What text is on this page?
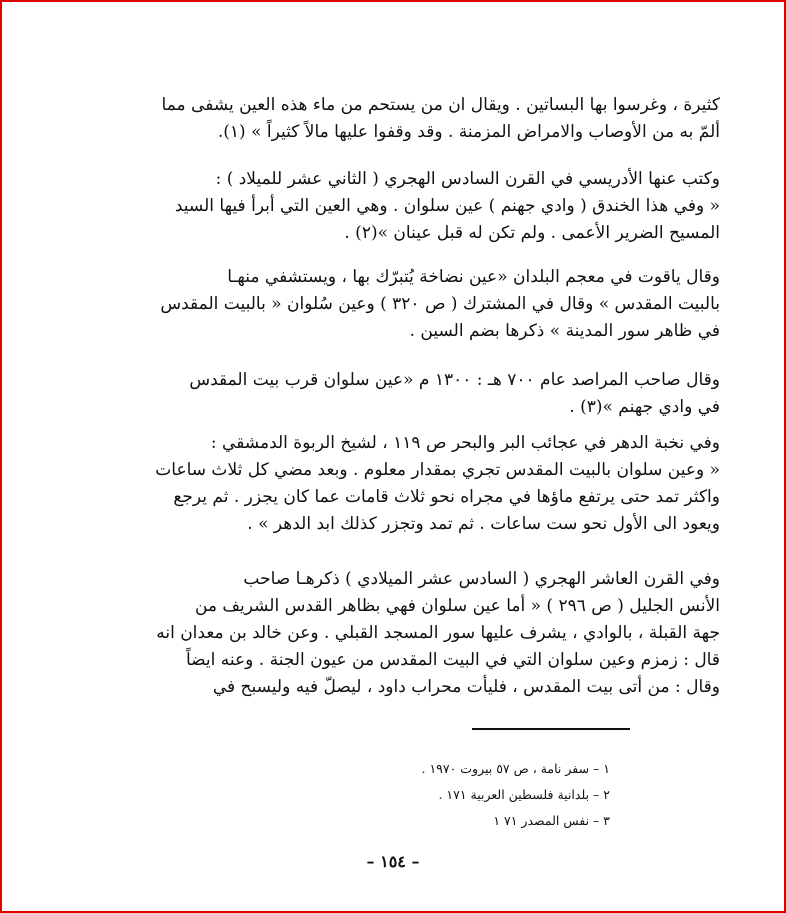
كثيرة ، وغرسوا بها البساتين . ويقال ان من يستحم من ماء هذه العين يشفى مما
ألمّ به من الأوصاب والامراض المزمنة . وقد وقفوا عليها مالاً كثيراً » (١).
وكتب عنها الأدريسي في القرن السادس الهجري ( الثاني عشر للميلاد ) :
« وفي هذا الخندق ( وادي جهنم ) عين سلوان . وهي العين التي أبرأ فيها السيد
المسيح الضرير الأعمى . ولم تكن له قبل عينان »(٢) .
وقال ياقوت في معجم البلدان «عين نضاخة يُتبرّك بها ، ويستشفي منهـا
بالبيت المقدس » وقال في المشترك ( ص ٣٢٠ ) وعين سُلوان « بالبيت المقدس
في ظاهر سور المدينة » ذكرها بضم السين .
وقال صاحب المراصد عام ٧٠٠ هـ : ١٣٠٠ م «عين سلوان قرب بيت المقدس
في وادي جهنم »(٣) .
وفي نخبة الدهر في عجائب البر والبحر ص ١١٩ ، لشيخ الربوة الدمشقي :
« وعين سلوان بالبيت المقدس تجري بمقدار معلوم . وبعد مضي كل ثلاث ساعات
واكثر تمد حتى يرتفع ماؤها في مجراه نحو ثلاث قامات عما كان يجزر . ثم يرجع
ويعود الى الأول نحو ست ساعات . ثم تمد وتجزر كذلك ابد الدهر » .
وفي القرن العاشر الهجري ( السادس عشر الميلادي ) ذكرهـا صاحب
الأنس الجليل ( ص ٢٩٦ ) « أما عين سلوان فهي بظاهر القدس الشريف من
جهة القبلة ، بالوادي ، يشرف عليها سور المسجد القبلي . وعن خالد بن معدان انه
قال : زمزم وعين سلوان التي في البيت المقدس من عيون الجنة . وعنه ايضاً
وقال : من أتى بيت المقدس ، فليأت محراب داود ، ليصلّ فيه وليسبح في
١ – سفر نامة ، ص ٥٧ بيروت ١٩٧٠ .
٢ – بلدانية فلسطين العربية ١٧١ .
٣ – نفس المصدر ٧١ ١
– ١٥٤ –
